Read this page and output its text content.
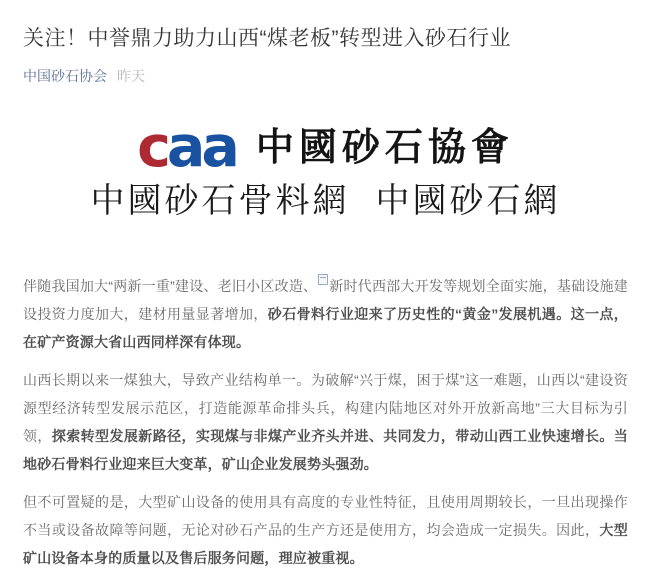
关注！中誉鼎力助力山西“煤老板”转型进入砂石行业
中国砂石协会 昨天
caa 中國砂石協會
中國砂石骨料網 中國砂石網

伴随我国加大“两新一重”建设、老旧小区改造、 新时代西部大开发等规划全面实施，基础设施建设投资力度加大，建材用量显著增加，砂石骨料行业迎来了历史性的“黄金”发展机遇。这一点，在矿产资源大省山西同样深有体现。

山西长期以来一煤独大，导致产业结构单一。为破解“兴于煤，困于煤”这一难题，山西以“建设资源型经济转型发展示范区，打造能源革命排头兵，构建内陆地区对外开放新高地”三大目标为引领，探索转型发展新路径，实现煤与非煤产业齐头并进、共同发力，带动山西工业快速增长。当地砂石骨料行业迎来巨大变革，矿山企业发展势头强劲。

但不可置疑的是，大型矿山设备的使用具有高度的专业性特征，且使用周期较长，一旦出现操作不当或设备故障等问题，无论对砂石产品的生产方还是使用方，均会造成一定损失。因此，大型矿山设备本身的质量以及售后服务问题，理应被重视。
